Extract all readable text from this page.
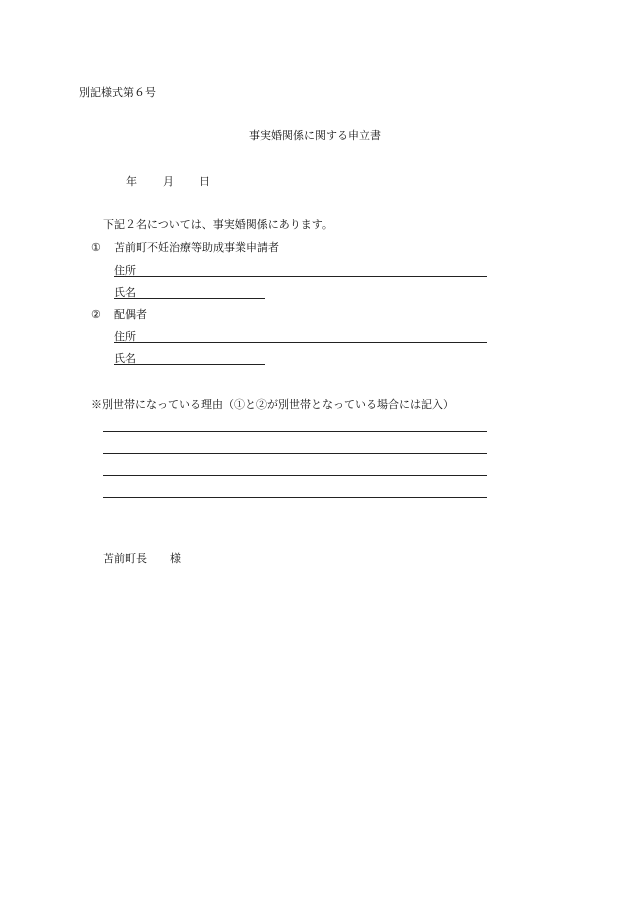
別記様式第６号
事実婚関係に関する申立書
年 月 日
下記２名については、事実婚関係にあります。
① 苫前町不妊治療等助成事業申請者
住所
氏名
② 配偶者
住所
氏名
※別世帯になっている理由（①と②が別世帯となっている場合には記入）
苫前町長 様
